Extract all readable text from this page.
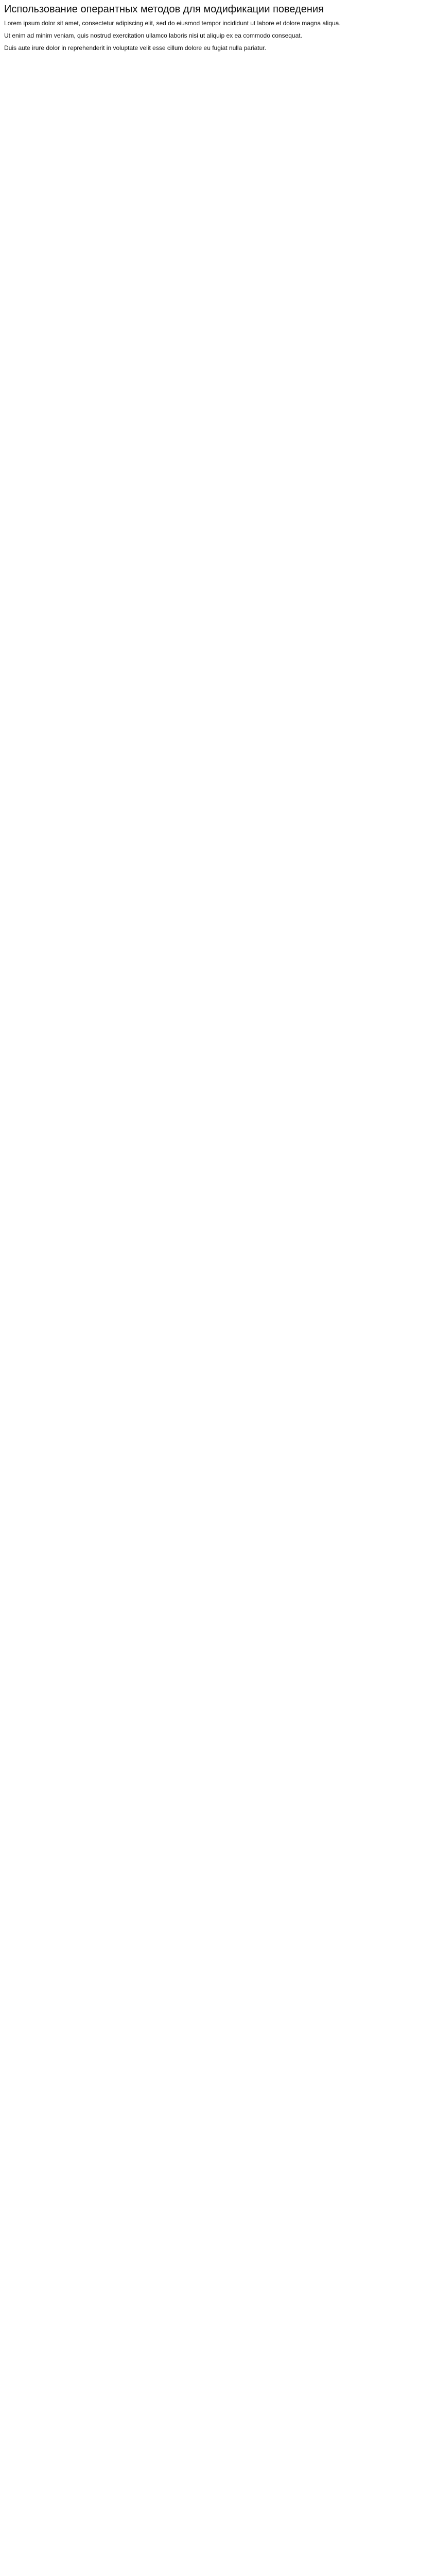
Использование оперантных методов для модификации поведения

Lorem ipsum dolor sit amet, consectetur adipiscing elit, sed do eiusmod tempor incididunt ut labore et dolore magna aliqua.

Ut enim ad minim veniam, quis nostrud exercitation ullamco laboris nisi ut aliquip ex ea commodo consequat.

Duis aute irure dolor in reprehenderit in voluptate velit esse cillum dolore eu fugiat nulla pariatur.
